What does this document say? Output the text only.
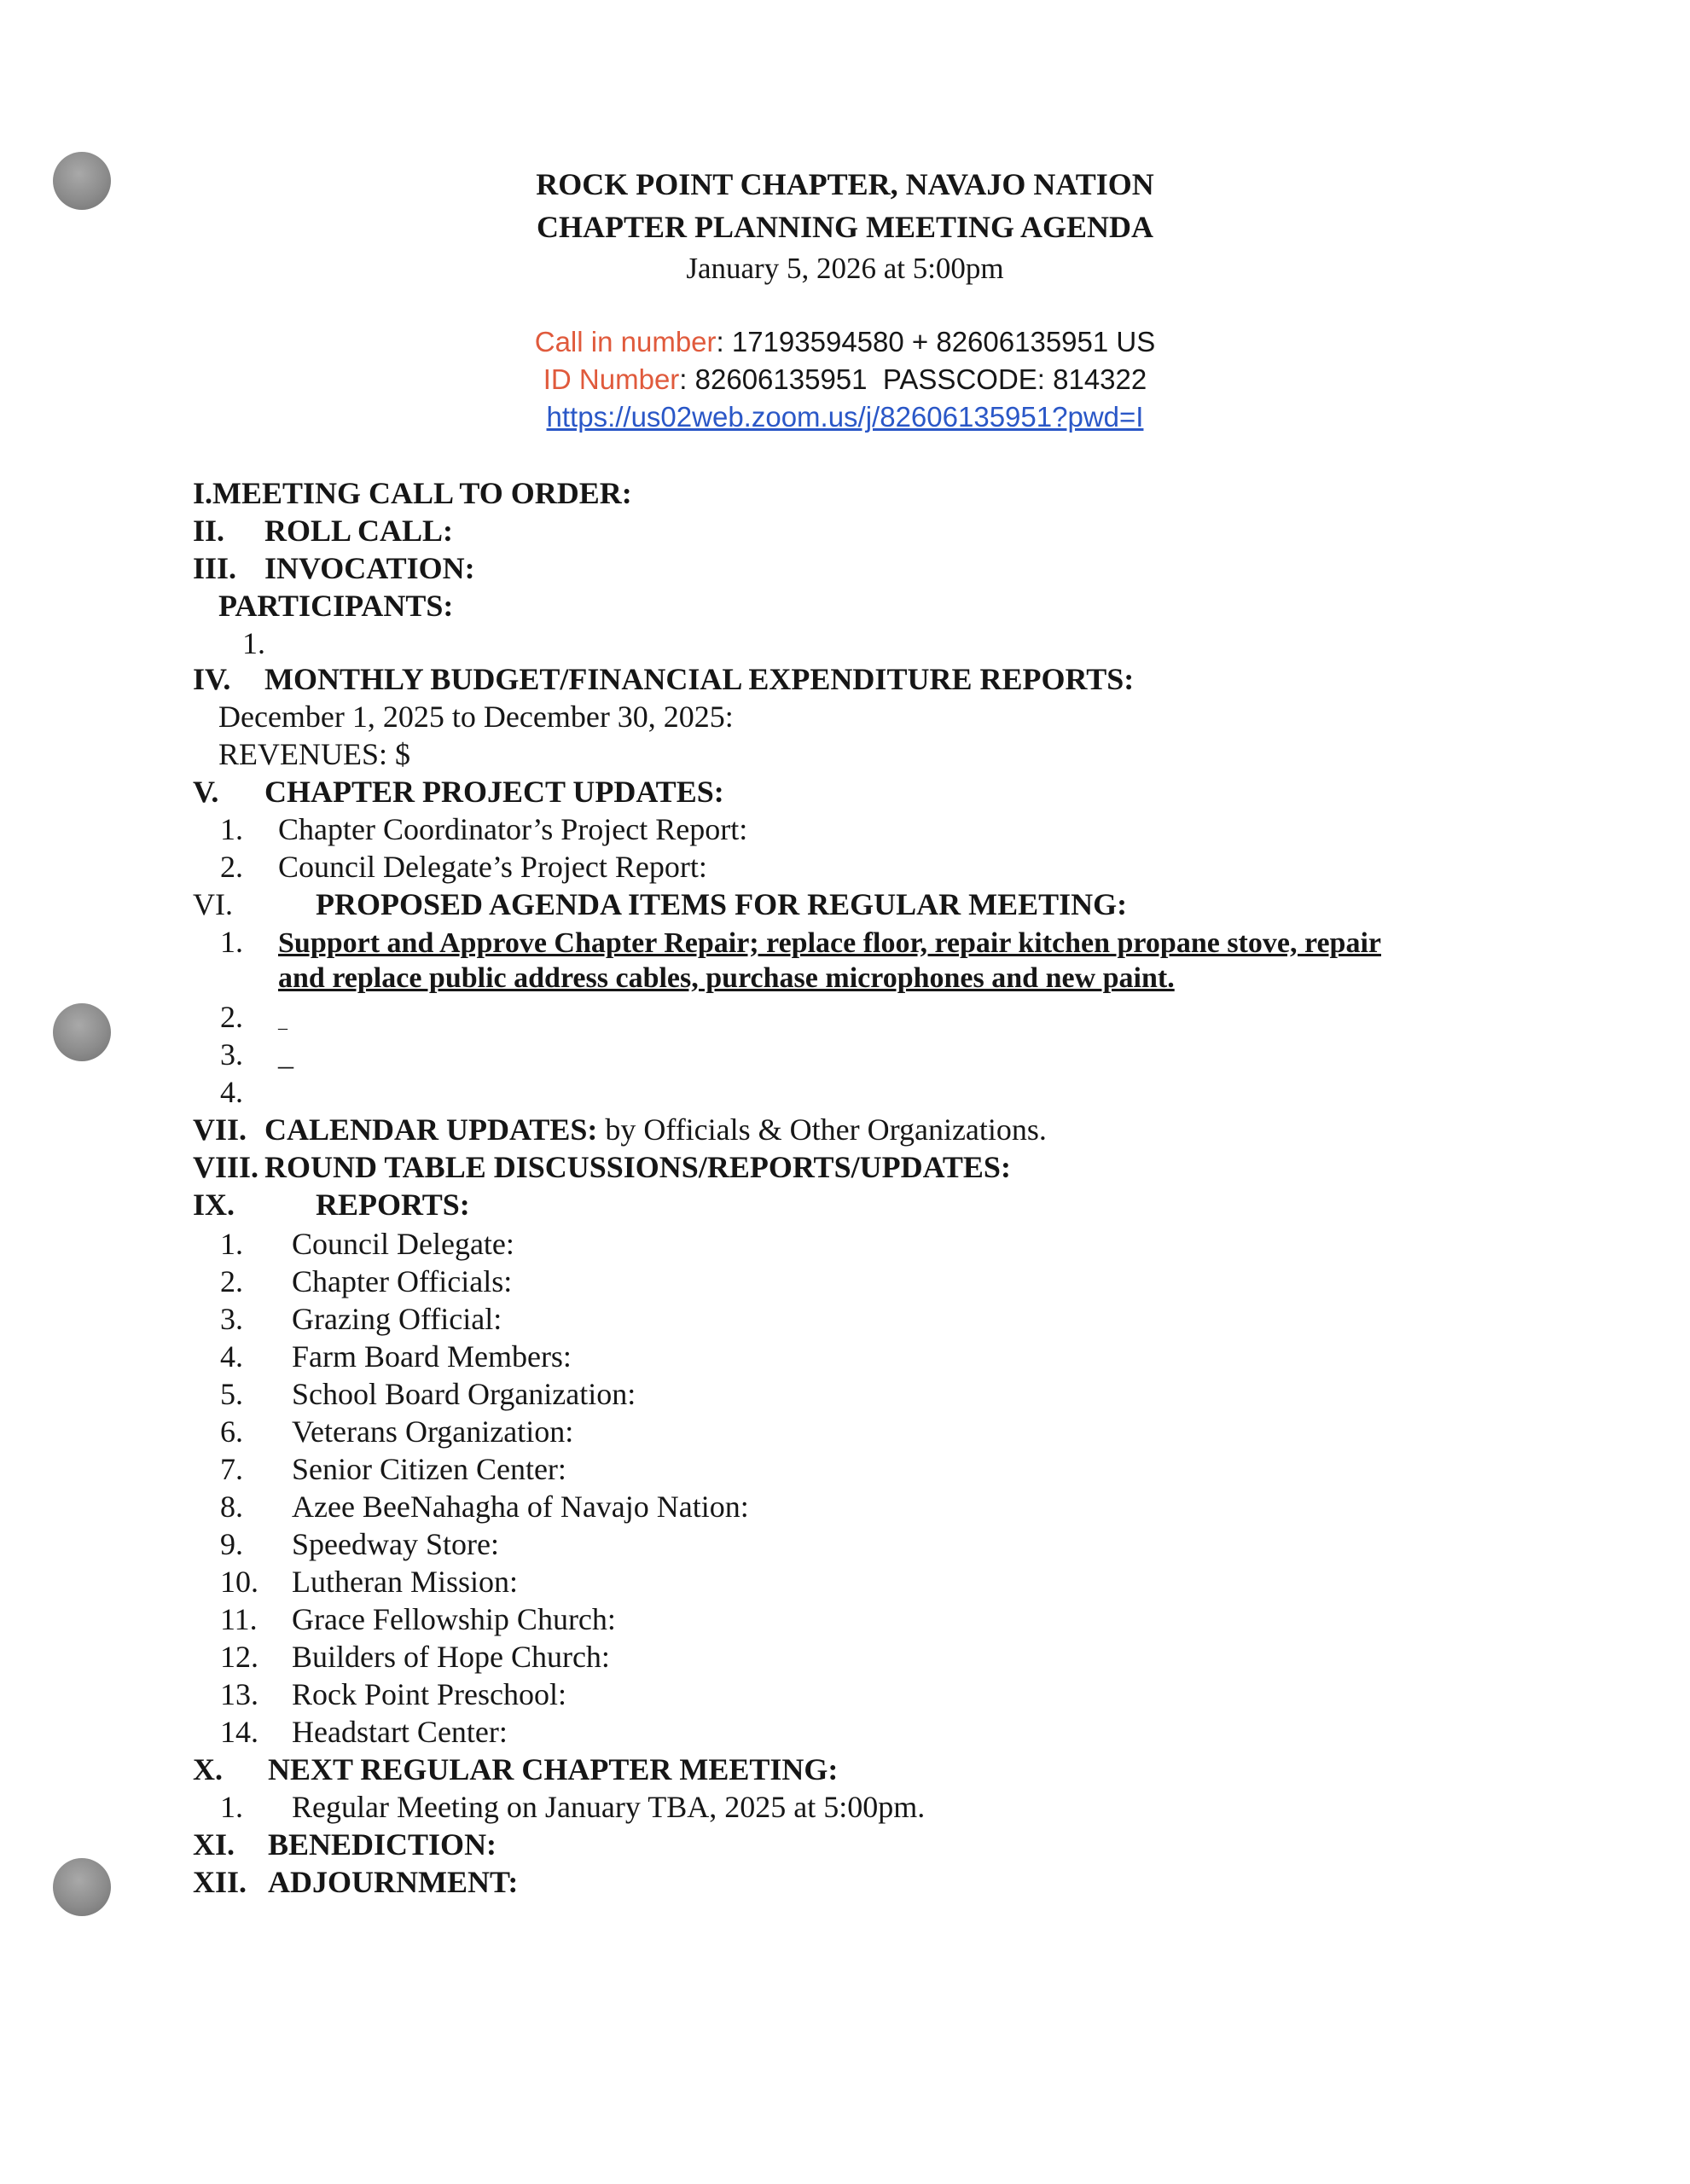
ROCK POINT CHAPTER, NAVAJO NATION
CHAPTER PLANNING MEETING AGENDA
January 5, 2026 at 5:00pm
Call in number: 17193594580 + 82606135951 US
ID Number: 82606135951  PASSCODE: 814322
https://us02web.zoom.us/j/82606135951?pwd=I
I.MEETING CALL TO ORDER:
II. ROLL CALL:
III. INVOCATION:
PARTICIPANTS:
1.
IV. MONTHLY BUDGET/FINANCIAL EXPENDITURE REPORTS:
December 1, 2025 to December 30, 2025:
REVENUES: $
V. CHAPTER PROJECT UPDATES:
1. Chapter Coordinator’s Project Report:
2. Council Delegate’s Project Report:
VI.	PROPOSED AGENDA ITEMS FOR REGULAR MEETING:
1. Support and Approve Chapter Repair; replace floor, repair kitchen propane stove, repair
and replace public address cables, purchase microphones and new paint.
2. _
3. _
4.
VII. CALENDAR UPDATES: by Officials & Other Organizations.
VIII. ROUND TABLE DISCUSSIONS/REPORTS/UPDATES:
IX.	REPORTS:
1. Council Delegate:
2. Chapter Officials:
3. Grazing Official:
4. Farm Board Members:
5. School Board Organization:
6. Veterans Organization:
7. Senior Citizen Center:
8. Azee BeeNahagha of Navajo Nation:
9. Speedway Store:
10. Lutheran Mission:
11. Grace Fellowship Church:
12. Builders of Hope Church:
13. Rock Point Preschool:
14. Headstart Center:
X. NEXT REGULAR CHAPTER MEETING:
1. Regular Meeting on January TBA, 2025 at 5:00pm.
XI. BENEDICTION:
XII. ADJOURNMENT:
